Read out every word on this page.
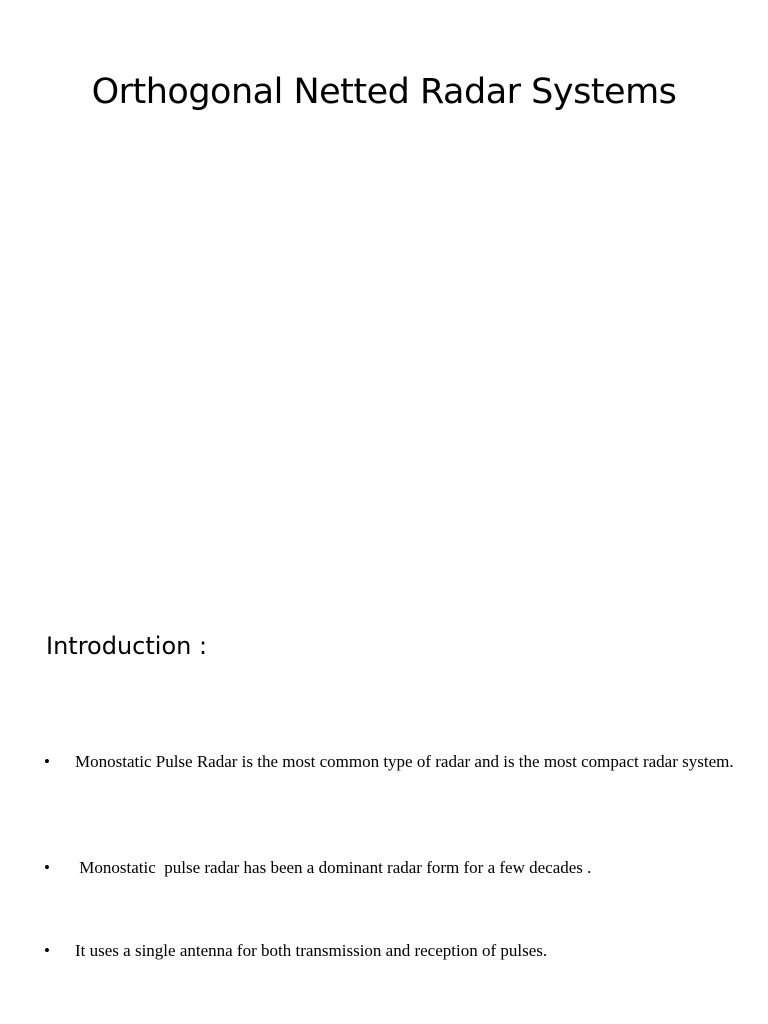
Orthogonal Netted Radar Systems
Introduction :
•	Monostatic Pulse Radar is the most common type of radar and is the most compact radar system.
•	Monostatic  pulse radar has been a dominant radar form for a few decades .
•	It uses a single antenna for both transmission and reception of pulses.
